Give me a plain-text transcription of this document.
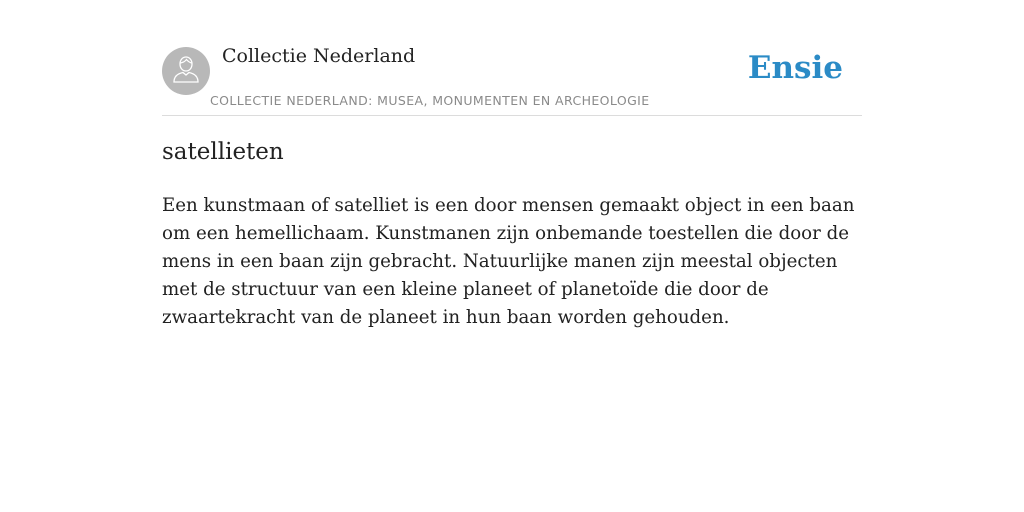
Collectie Nederland
COLLECTIE NEDERLAND: MUSEA, MONUMENTEN EN ARCHEOLOGIE
Ensie
satellieten

Een kunstmaan of satelliet is een door mensen gemaakt object in een baan om een hemellichaam. Kunstmanen zijn onbemande toestellen die door de mens in een baan zijn gebracht. Natuurlijke manen zijn meestal objecten met de structuur van een kleine planeet of planetoïde die door de zwaartekracht van de planeet in hun baan worden gehouden.
